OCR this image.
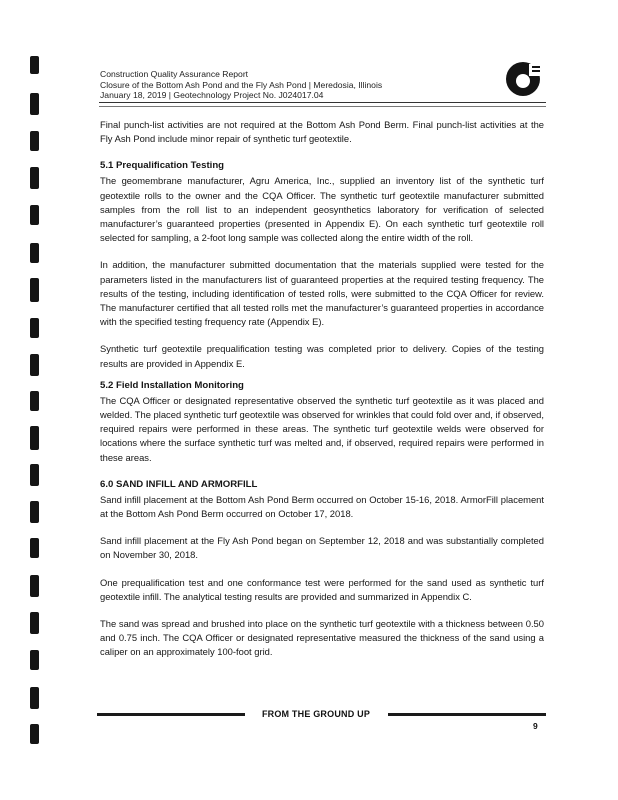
Construction Quality Assurance Report
Closure of the Bottom Ash Pond and the Fly Ash Pond | Meredosia, Illinois
January 18, 2019 | Geotechnology Project No. J024017.04

Final punch-list activities are not required at the Bottom Ash Pond Berm. Final punch-list activities at the Fly Ash Pond include minor repair of synthetic turf geotextile.

5.1 Prequalification Testing

The geomembrane manufacturer, Agru America, Inc., supplied an inventory list of the synthetic turf geotextile rolls to the owner and the CQA Officer. The synthetic turf geotextile manufacturer submitted samples from the roll list to an independent geosynthetics laboratory for verification of selected manufacturer’s guaranteed properties (presented in Appendix E). On each synthetic turf geotextile roll selected for sampling, a 2-foot long sample was collected along the entire width of the roll.

In addition, the manufacturer submitted documentation that the materials supplied were tested for the parameters listed in the manufacturers list of guaranteed properties at the required testing frequency. The results of the testing, including identification of tested rolls, were submitted to the CQA Officer for review. The manufacturer certified that all tested rolls met the manufacturer’s guaranteed properties in accordance with the specified testing frequency rate (Appendix E).

Synthetic turf geotextile prequalification testing was completed prior to delivery. Copies of the testing results are provided in Appendix E.

5.2 Field Installation Monitoring

The CQA Officer or designated representative observed the synthetic turf geotextile as it was placed and welded. The placed synthetic turf geotextile was observed for wrinkles that could fold over and, if observed, required repairs were performed in these areas. The synthetic turf geotextile welds were observed for locations where the surface synthetic turf was melted and, if observed, required repairs were performed in these areas.

6.0 SAND INFILL AND ARMORFILL

Sand infill placement at the Bottom Ash Pond Berm occurred on October 15-16, 2018. ArmorFill placement at the Bottom Ash Pond Berm occurred on October 17, 2018.

Sand infill placement at the Fly Ash Pond began on September 12, 2018 and was substantially completed on November 30, 2018.

One prequalification test and one conformance test were performed for the sand used as synthetic turf geotextile infill. The analytical testing results are provided and summarized in Appendix C.

The sand was spread and brushed into place on the synthetic turf geotextile with a thickness between 0.50 and 0.75 inch. The CQA Officer or designated representative measured the thickness of the sand using a caliper on an approximately 100-foot grid.

FROM THE GROUND UP
9
